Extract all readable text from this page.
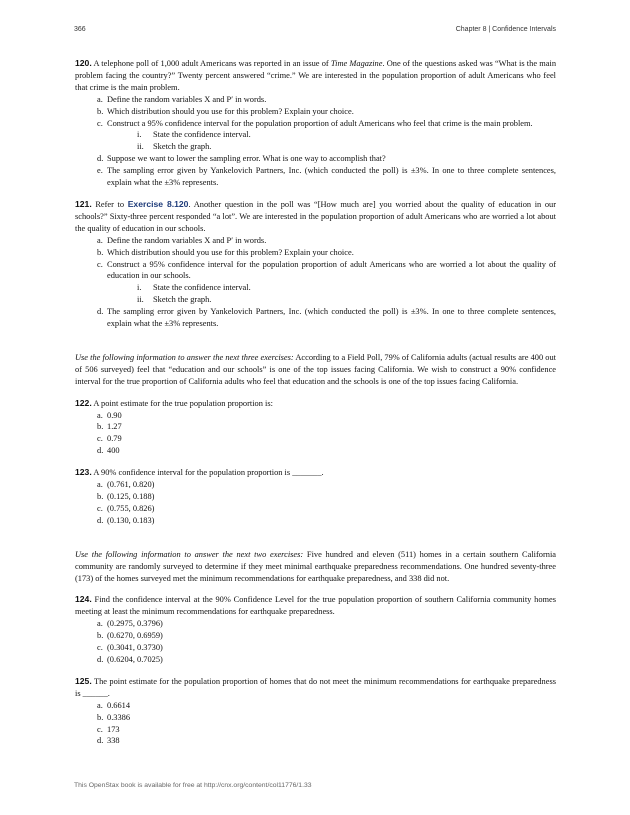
366	Chapter 8 | Confidence Intervals

120. A telephone poll of 1,000 adult Americans was reported in an issue of Time Magazine. One of the questions asked was “What is the main problem facing the country?” Twenty percent answered “crime.” We are interested in the population proportion of adult Americans who feel that crime is the main problem.

a. Define the random variables X and P′ in words.
b. Which distribution should you use for this problem? Explain your choice.
c. Construct a 95% confidence interval for the population proportion of adult Americans who feel that crime is the main problem.
i. State the confidence interval.
ii. Sketch the graph.
d. Suppose we want to lower the sampling error. What is one way to accomplish that?
e. The sampling error given by Yankelovich Partners, Inc. (which conducted the poll) is ±3%. In one to three complete sentences, explain what the ±3% represents.

121. Refer to Exercise 8.120. Another question in the poll was “[How much are] you worried about the quality of education in our schools?” Sixty-three percent responded “a lot”. We are interested in the population proportion of adult Americans who are worried a lot about the quality of education in our schools.

a. Define the random variables X and P′ in words.
b. Which distribution should you use for this problem? Explain your choice.
c. Construct a 95% confidence interval for the population proportion of adult Americans who are worried a lot about the quality of education in our schools.
i. State the confidence interval.
ii. Sketch the graph.
d. The sampling error given by Yankelovich Partners, Inc. (which conducted the poll) is ±3%. In one to three complete sentences, explain what the ±3% represents.

Use the following information to answer the next three exercises: According to a Field Poll, 79% of California adults (actual results are 400 out of 506 surveyed) feel that “education and our schools” is one of the top issues facing California. We wish to construct a 90% confidence interval for the true proportion of California adults who feel that education and the schools is one of the top issues facing California.

122. A point estimate for the true population proportion is:

a. 0.90
b. 1.27
c. 0.79
d. 400

123. A 90% confidence interval for the population proportion is _______.

a. (0.761, 0.820)
b. (0.125, 0.188)
c. (0.755, 0.826)
d. (0.130, 0.183)

Use the following information to answer the next two exercises: Five hundred and eleven (511) homes in a certain southern California community are randomly surveyed to determine if they meet minimal earthquake preparedness recommendations. One hundred seventy-three (173) of the homes surveyed met the minimum recommendations for earthquake preparedness, and 338 did not.

124. Find the confidence interval at the 90% Confidence Level for the true population proportion of southern California community homes meeting at least the minimum recommendations for earthquake preparedness.

a. (0.2975, 0.3796)
b. (0.6270, 0.6959)
c. (0.3041, 0.3730)
d. (0.6204, 0.7025)

125. The point estimate for the population proportion of homes that do not meet the minimum recommendations for earthquake preparedness is ______.

a. 0.6614
b. 0.3386
c. 173
d. 338
This OpenStax book is available for free at http://cnx.org/content/col11776/1.33
